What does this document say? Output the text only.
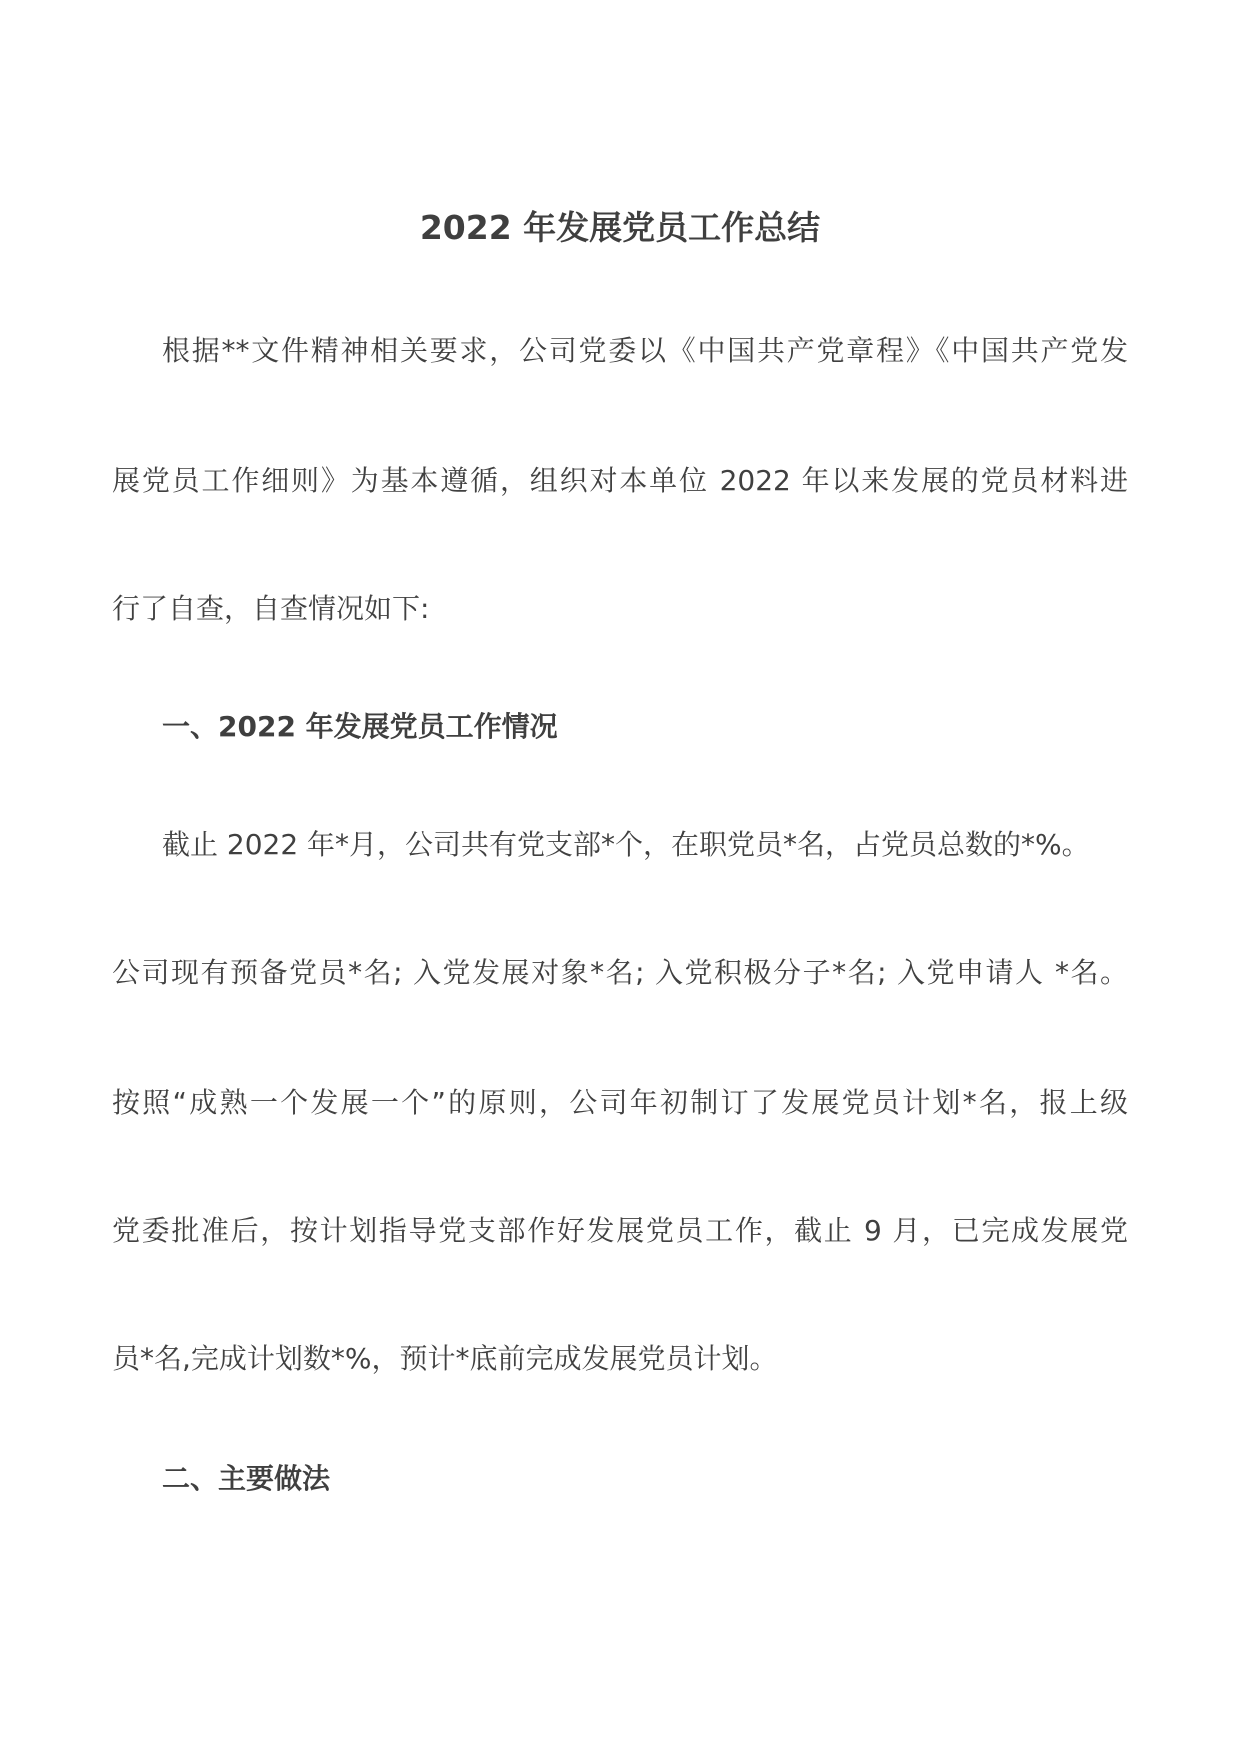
2022 年发展党员工作总结
根据**文件精神相关要求，公司党委以《中国共产党章程》《中国共产党发
展党员工作细则》为基本遵循，组织对本单位 2022 年以来发展的党员材料进
行了自查，自查情况如下:
一、2022 年发展党员工作情况
截止 2022 年*月，公司共有党支部*个，在职党员*名，占党员总数的*%。
公司现有预备党员*名; 入党发展对象*名; 入党积极分子*名; 入党申请人 *名。
按照“成熟一个发展一个”的原则，公司年初制订了发展党员计划*名，报上级
党委批准后，按计划指导党支部作好发展党员工作，截止 9 月，已完成发展党
员*名,完成计划数*%，预计*底前完成发展党员计划。
二、主要做法
